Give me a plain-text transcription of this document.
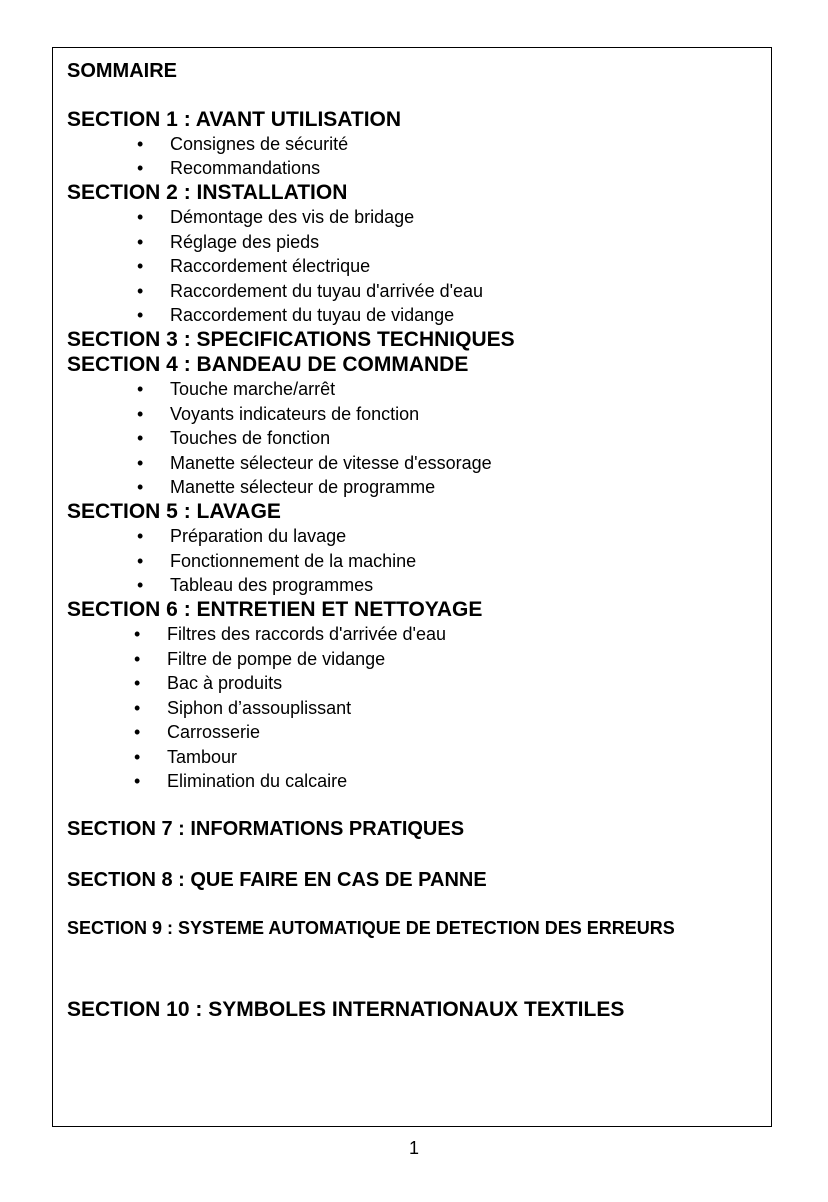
SOMMAIRE
SECTION 1 : AVANT UTILISATION
• Consignes de sécurité
• Recommandations
SECTION 2 : INSTALLATION
• Démontage des vis de bridage
• Réglage des pieds
• Raccordement électrique
• Raccordement du tuyau d'arrivée d'eau
• Raccordement du tuyau de vidange
SECTION 3 : SPECIFICATIONS TECHNIQUES
SECTION 4 : BANDEAU DE COMMANDE
• Touche marche/arrêt
• Voyants indicateurs de fonction
• Touches de fonction
• Manette sélecteur de vitesse d'essorage
• Manette sélecteur de programme
SECTION 5 : LAVAGE
• Préparation du lavage
• Fonctionnement de la machine
• Tableau des programmes
SECTION 6 : ENTRETIEN ET NETTOYAGE
• Filtres des raccords d'arrivée d'eau
• Filtre de pompe de vidange
• Bac à produits
• Siphon d’assouplissant
• Carrosserie
• Tambour
• Elimination du calcaire
SECTION 7 : INFORMATIONS PRATIQUES
SECTION 8 : QUE FAIRE EN CAS DE PANNE
SECTION 9 : SYSTEME AUTOMATIQUE DE DETECTION DES ERREURS
SECTION 10 : SYMBOLES INTERNATIONAUX TEXTILES
1
